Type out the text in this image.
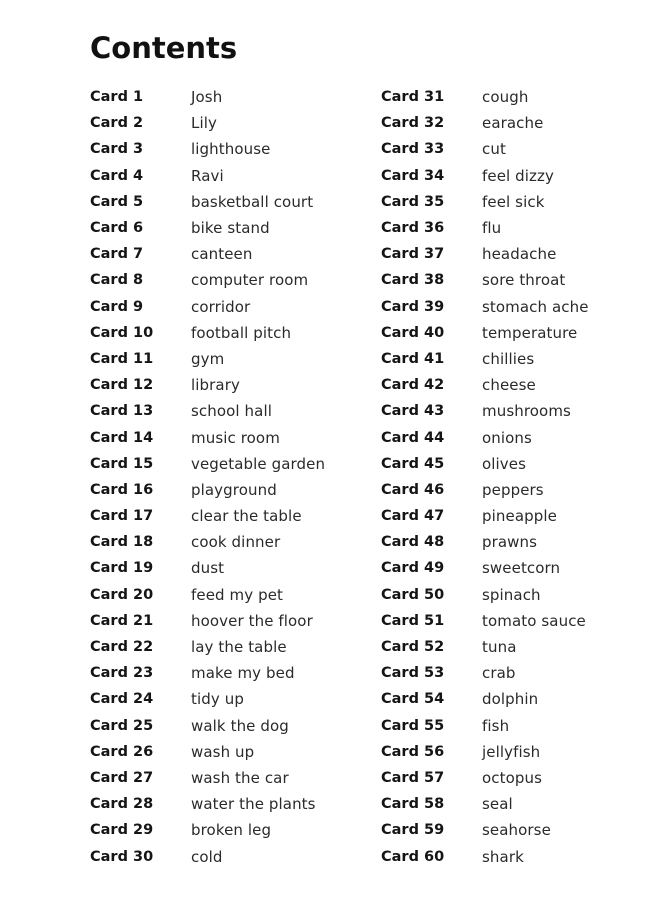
Contents
Card 1	Josh
Card 2	Lily
Card 3	lighthouse
Card 4	Ravi
Card 5	basketball court
Card 6	bike stand
Card 7	canteen
Card 8	computer room
Card 9	corridor
Card 10	football pitch
Card 11	gym
Card 12	library
Card 13	school hall
Card 14	music room
Card 15	vegetable garden
Card 16	playground
Card 17	clear the table
Card 18	cook dinner
Card 19	dust
Card 20	feed my pet
Card 21	hoover the floor
Card 22	lay the table
Card 23	make my bed
Card 24	tidy up
Card 25	walk the dog
Card 26	wash up
Card 27	wash the car
Card 28	water the plants
Card 29	broken leg
Card 30	cold
Card 31	cough
Card 32	earache
Card 33	cut
Card 34	feel dizzy
Card 35	feel sick
Card 36	flu
Card 37	headache
Card 38	sore throat
Card 39	stomach ache
Card 40	temperature
Card 41	chillies
Card 42	cheese
Card 43	mushrooms
Card 44	onions
Card 45	olives
Card 46	peppers
Card 47	pineapple
Card 48	prawns
Card 49	sweetcorn
Card 50	spinach
Card 51	tomato sauce
Card 52	tuna
Card 53	crab
Card 54	dolphin
Card 55	fish
Card 56	jellyfish
Card 57	octopus
Card 58	seal
Card 59	seahorse
Card 60	shark
